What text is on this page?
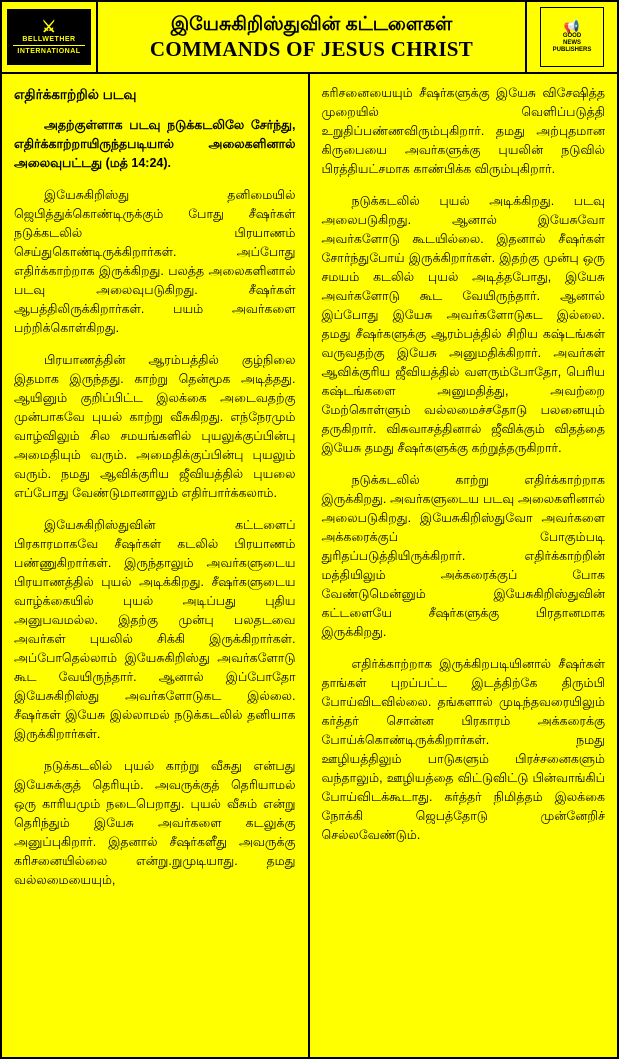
⚔
BELLWETHER
INTERNATIONAL
இயேசுகிறிஸ்துவின் கட்டளைகள்
COMMANDS OF JESUS CHRIST
📢
GOOD
NEWS
PUBLISHERS
எதிர்க்காற்றில் படவு

அதற்குள்ளாக படவு நடுக்கடலிலே சேர்ந்து, எதிர்க்காற்றாயிருந்தபடியால் அலைகளினால் அலைவுபட்டது (மத் 14:24).

இயேசுகிறிஸ்து தனிமையில் ஜெபித்துக்கொண்டிருக்கும் போது சீஷர்கள் நடுக்கடலில் பிரயாணம் செய்துகொண்டிருக்கிறார்கள். அப்போது எதிர்க்காற்றாக இருக்கிறது. பலத்த அலைகளினால் படவு அலைவுபடுகிறது. சீஷர்கள் ஆபத்திலிருக்கிறார்கள். பயம் அவர்களை பற்றிக்கொள்கிறது.

பிரயாணத்தின் ஆரம்பத்தில் குழ்நிலை இதமாக இருந்தது. காற்று தென்மூக அடித்தது. ஆயினும் குறிப்பிட்ட இலக்கை அடைவதற்கு முன்பாகவே புயல் காற்று வீசுகிறது. எந்நேரமும் வாழ்விலும் சில சமயங்களில் புயலுக்குப்பின்பு அமைதியும் வரும். அமைதிக்குப்பின்பு புயலும் வரும். நமது ஆவிக்குரிய ஜீவியத்தில் புயலை எப்போது வேண்டுமானாலும் எதிர்பார்க்கலாம்.

இயேசுகிறிஸ்துவின் கட்டளைப் பிரகாரமாகவே சீஷர்கள் கடலில் பிரயாணம் பண்ணுகிறார்கள். இருந்தாலும் அவர்களுடைய பிரயாணத்தில் புயல் அடிக்கிறது. சீஷர்களுடைய வாழ்க்கையில் புயல் அடிப்பது புதிய அனுபவமல்ல. இதற்கு முன்பு பலதடவை அவர்கள் புயலில் சிக்கி இருக்கிறார்கள். அப்போதெல்லாம் இயேசுகிறிஸ்து அவர்களோடு கூட வேயிருந்தார். ஆனால் இப்போதோ இயேசுகிறிஸ்து அவர்களோடுகட இல்லை. சீஷர்கள் இயேசு இல்லாமல் நடுக்கடலில் தனியாக இருக்கிறார்கள்.

நடுக்கடலில் புயல் காற்று வீசுது என்பது இயேசுக்குத் தெரியும். அவருக்குத் தெரியாமல் ஒரு காரியமும் நடைபெறாது. புயல் வீசும் என்று தெரிந்தும் இயேசு அவர்களை கடலுக்கு அனுப்புகிறார். இதனால் சீஷர்களீது அவருக்கு கரிசனையில்லை என்று.றுமுடியாது. தமது வல்லமையையும்,

கரிசனையையும் சீஷர்களுக்கு இயேசு விசேஷித்த முறையில் வெளிப்படுத்தி உறுதிப்பண்ணவிரும்புகிறார். தமது அற்புதமான கிருபையை அவர்களுக்கு புயலின் நடுவில் பிரத்தியட்சமாக காண்பிக்க விரும்புகிறார்.

நடுக்கடலில் புயல் அடிக்கிறது. படவு அலைபடுகிறது. ஆனால் இயேசுவோ அவர்களோடு கூடயில்லை. இதனால் சீஷர்கள் சோர்ந்துபோய் இருக்கிறார்கள். இதற்கு முன்பு ஒரு சமயம் கடலில் புயல் அடித்தபோது, இயேசு அவர்களோடு கூட வேயிருந்தார். ஆனால் இப்போது இயேசு அவர்களோடுகட இல்லை. தமது சீஷர்களுக்கு ஆரம்பத்தில் சிறிய கஷ்டங்கள் வருவதற்கு இயேசு அனுமதிக்கிறார். அவர்கள் ஆவிக்குரிய ஜீவியத்தில் வளரும்போதோ, பெரிய கஷ்டங்களை அனுமதித்து, அவற்றை மேற்கொள்ளும் வல்லமைச்சதோடு பலனையும் தருகிறார். விசுவாசத்தினால் ஜீவிக்கும் விதத்தை இயேசு தமது சீஷர்களுக்கு கற்றுத்தருகிறார்.

நடுக்கடலில் காற்று எதிர்க்காற்றாக இருக்கிறது. அவர்களுடைய படவு அலைகளினால் அலைபடுகிறது. இயேசுகிறிஸ்துவோ அவர்களை அக்கரைக்குப் போகும்படி துரிதப்படுத்தியிருக்கிறார். எதிர்க்காற்றின் மத்தியிலும் அக்கரைக்குப் போக வேண்டுமென்னும் இயேசுகிறிஸ்துவின் கட்டளையே சீஷர்களுக்கு பிரதானமாக இருக்கிறது.

எதிர்க்காற்றாக இருக்கிறபடியினால் சீஷர்கள் தாங்கள் புறப்பட்ட இடத்திற்கே திரும்பி போய்விடவில்லை. தங்களால் முடிந்தவரையிலும் கர்த்தர் சொன்ன பிரகாரம் அக்கரைக்கு போய்க்கொண்டிருக்கிறார்கள். நமது ஊழியத்திலும் பாடுகளும் பிரச்சனைகளும் வந்தாலும், ஊழியத்தை விட்டுவிட்டு பின்வாங்கிப் போய்விடக்கூடாது. கர்த்தர் நிமித்தம் இலக்கை நோக்கி ஜெபத்தோடு முன்னேறிச் செல்லவேண்டும்.
